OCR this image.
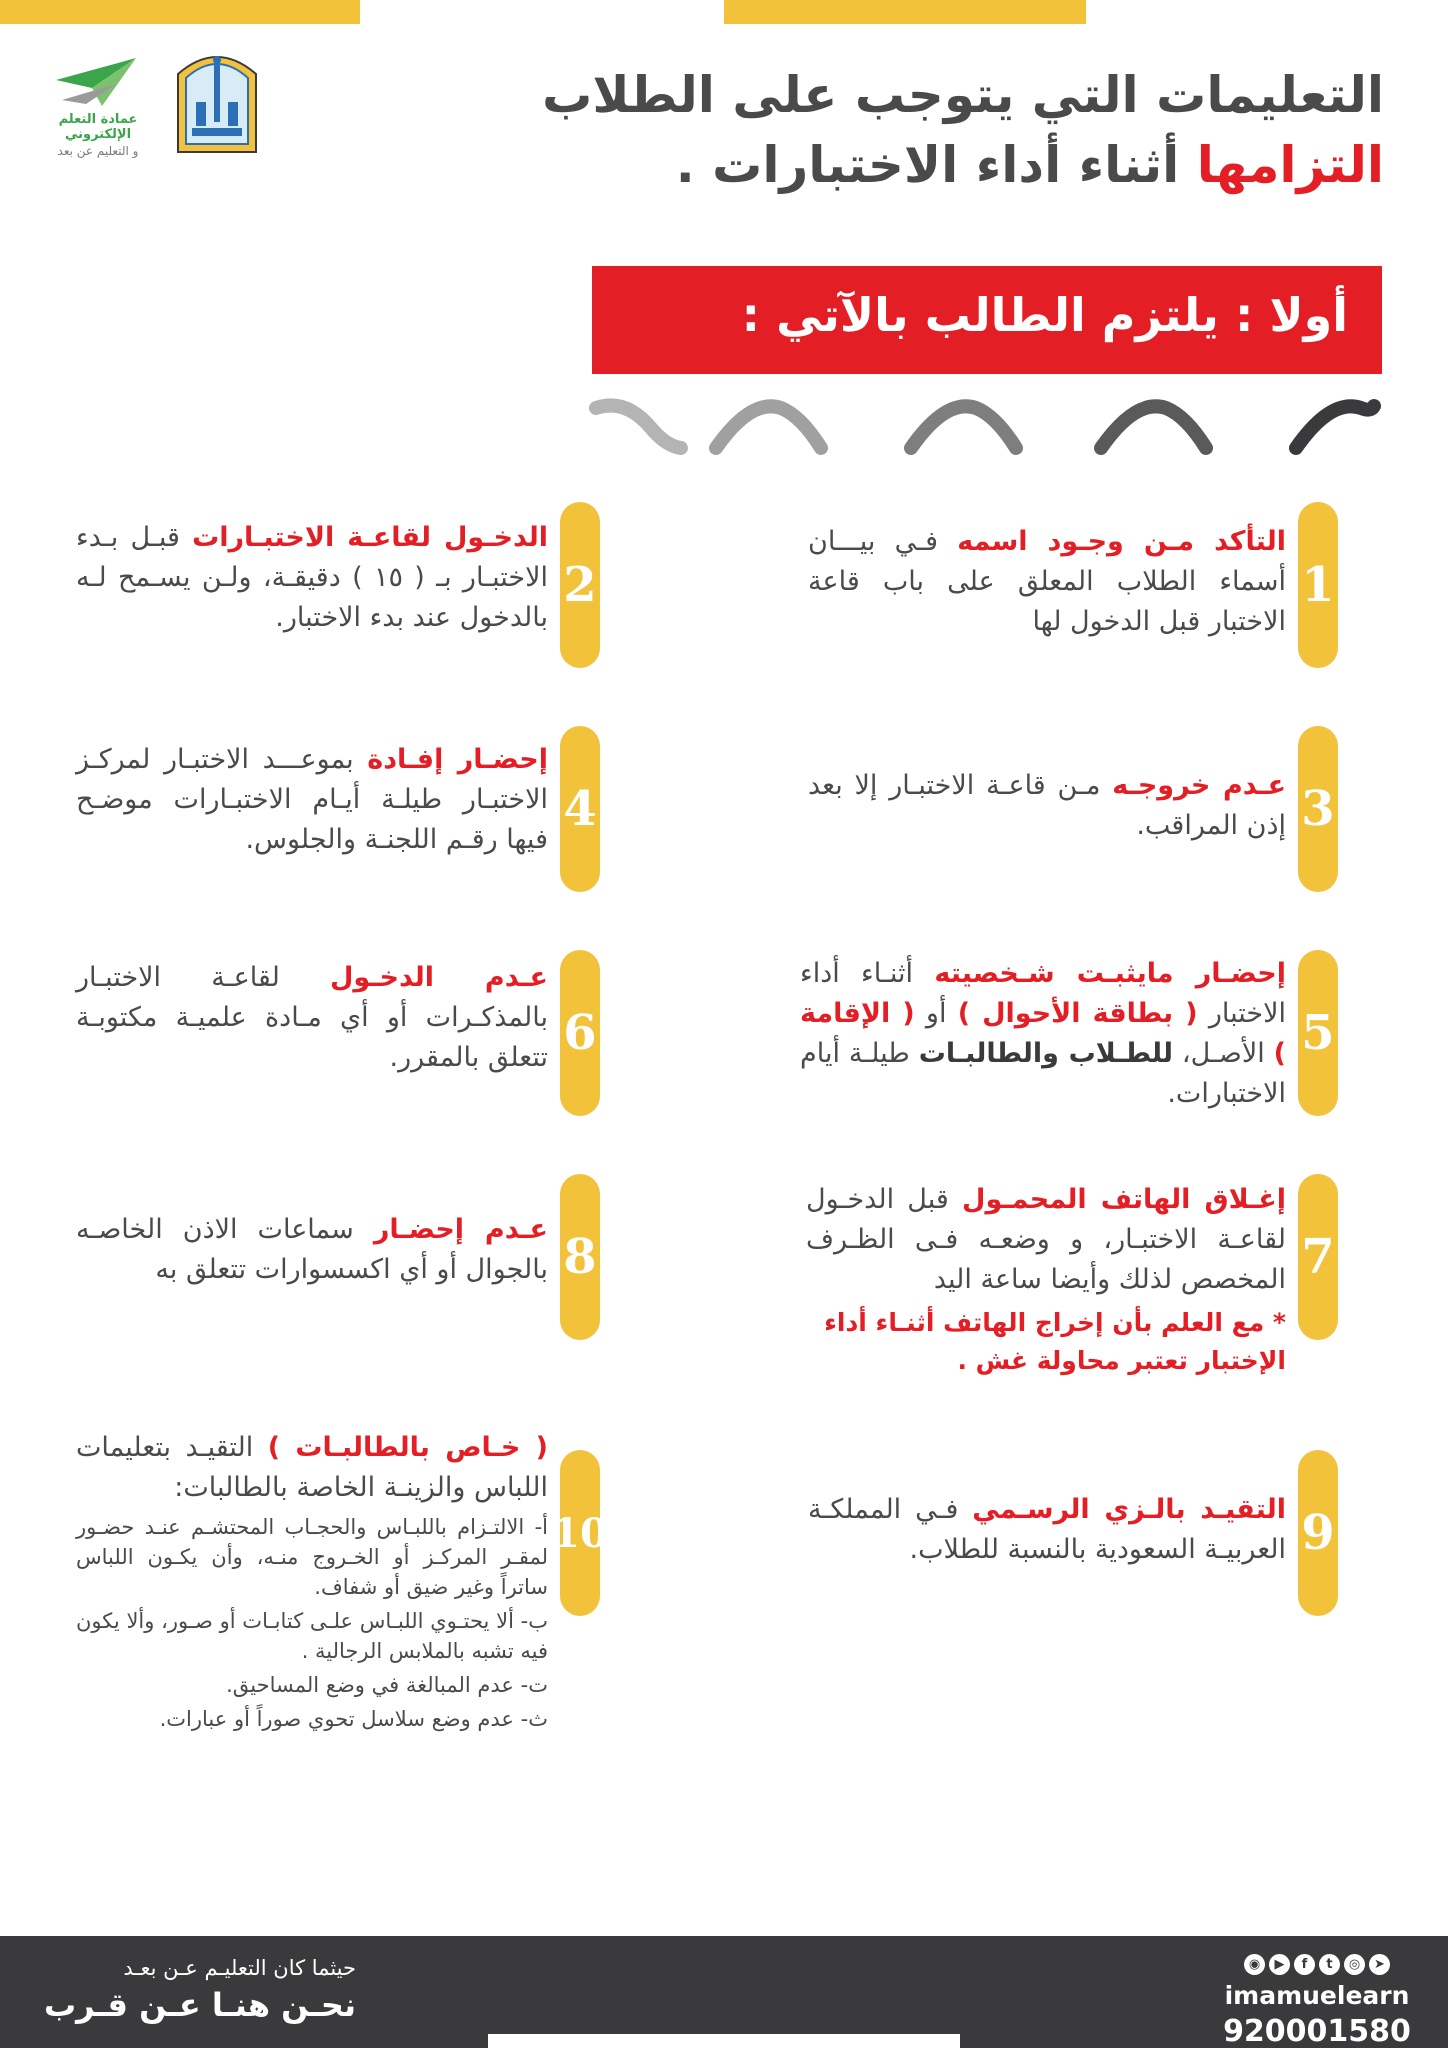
عمادة التعلم الإلكتروني
و التعليم عن بعد
التعليمات التي يتوجب على الطلاب
التزامها أثناء أداء الاختبارات .
أولا : يلتزم الطالب بالآتي :
1
التأكد مـن وجـود اسمه فـي بيـــان أسماء الطلاب المعلق على باب قاعة الاختبار قبل الدخول لها
2
الدخـول لقاعـة الاختبـارات قبـل بـدء الاختبـار بـ ( ١٥ ) دقيقـة، ولـن يسـمح لـه بالدخول عند بدء الاختبار.
3
عـدم خروجـه مـن قاعـة الاختبـار إلا بعد إذن المراقب.
4
إحضـار إفـادة بموعـــد الاختبـار لمركـز الاختبـار طيلـة أيـام الاختبـارات موضـح فيها رقـم اللجنـة والجلوس.
5
إحضـار مايثبـت شـخصيته أثنـاء أداء الاختبار ( بطاقة الأحوال ) أو ( الإقامة ) الأصـل، للطـلاب والطالبـات طيلـة أيام الاختبارات.
6
عـدم الدخـول لقاعـة الاختبـار بالمذكـرات أو أي مـادة علميـة مكتوبـة تتعلق بالمقرر.
7
إغـلاق الهاتف المحمـول قبل الدخـول لقاعـة الاختبـار، و وضعـه فـى الظـرف المخصص لذلك وأيضا ساعة اليد
* مع العلم بأن إخراج الهاتف أثنـاء أداء الإختبار تعتبر محاولة غش .
8
عـدم إحضـار سماعات الاذن الخاصـه بالجوال أو أي اكسسوارات تتعلق به
9
التقيـد بالـزي الرسـمي فـي المملكـة العربيـة السعودية بالنسبة للطلاب.
10
( خـاص بالطالبـات ) التقيـد بتعليمات اللباس والزينـة الخاصة بالطالبات:
أ- الالتـزام باللبـاس والحجـاب المحتشـم عنـد حضـور لمقـر المركـز أو الخـروج منـه، وأن يكـون اللباس ساتراً وغير ضيق أو شفاف.
ب- ألا يحتـوي اللبـاس علـى كتابـات أو صـور، وألا يكون فيه تشبه بالملابس الرجالية .
ت- عدم المبالغة في وضع المساحيق.
ث- عدم وضع سلاسل تحوي صوراً أو عبارات.
حيثما كان التعليـم عـن بعـد
نحـن هنـا عـن قـرب
◉	▶	f	t	◎	➤
imamuelearn
920001580
